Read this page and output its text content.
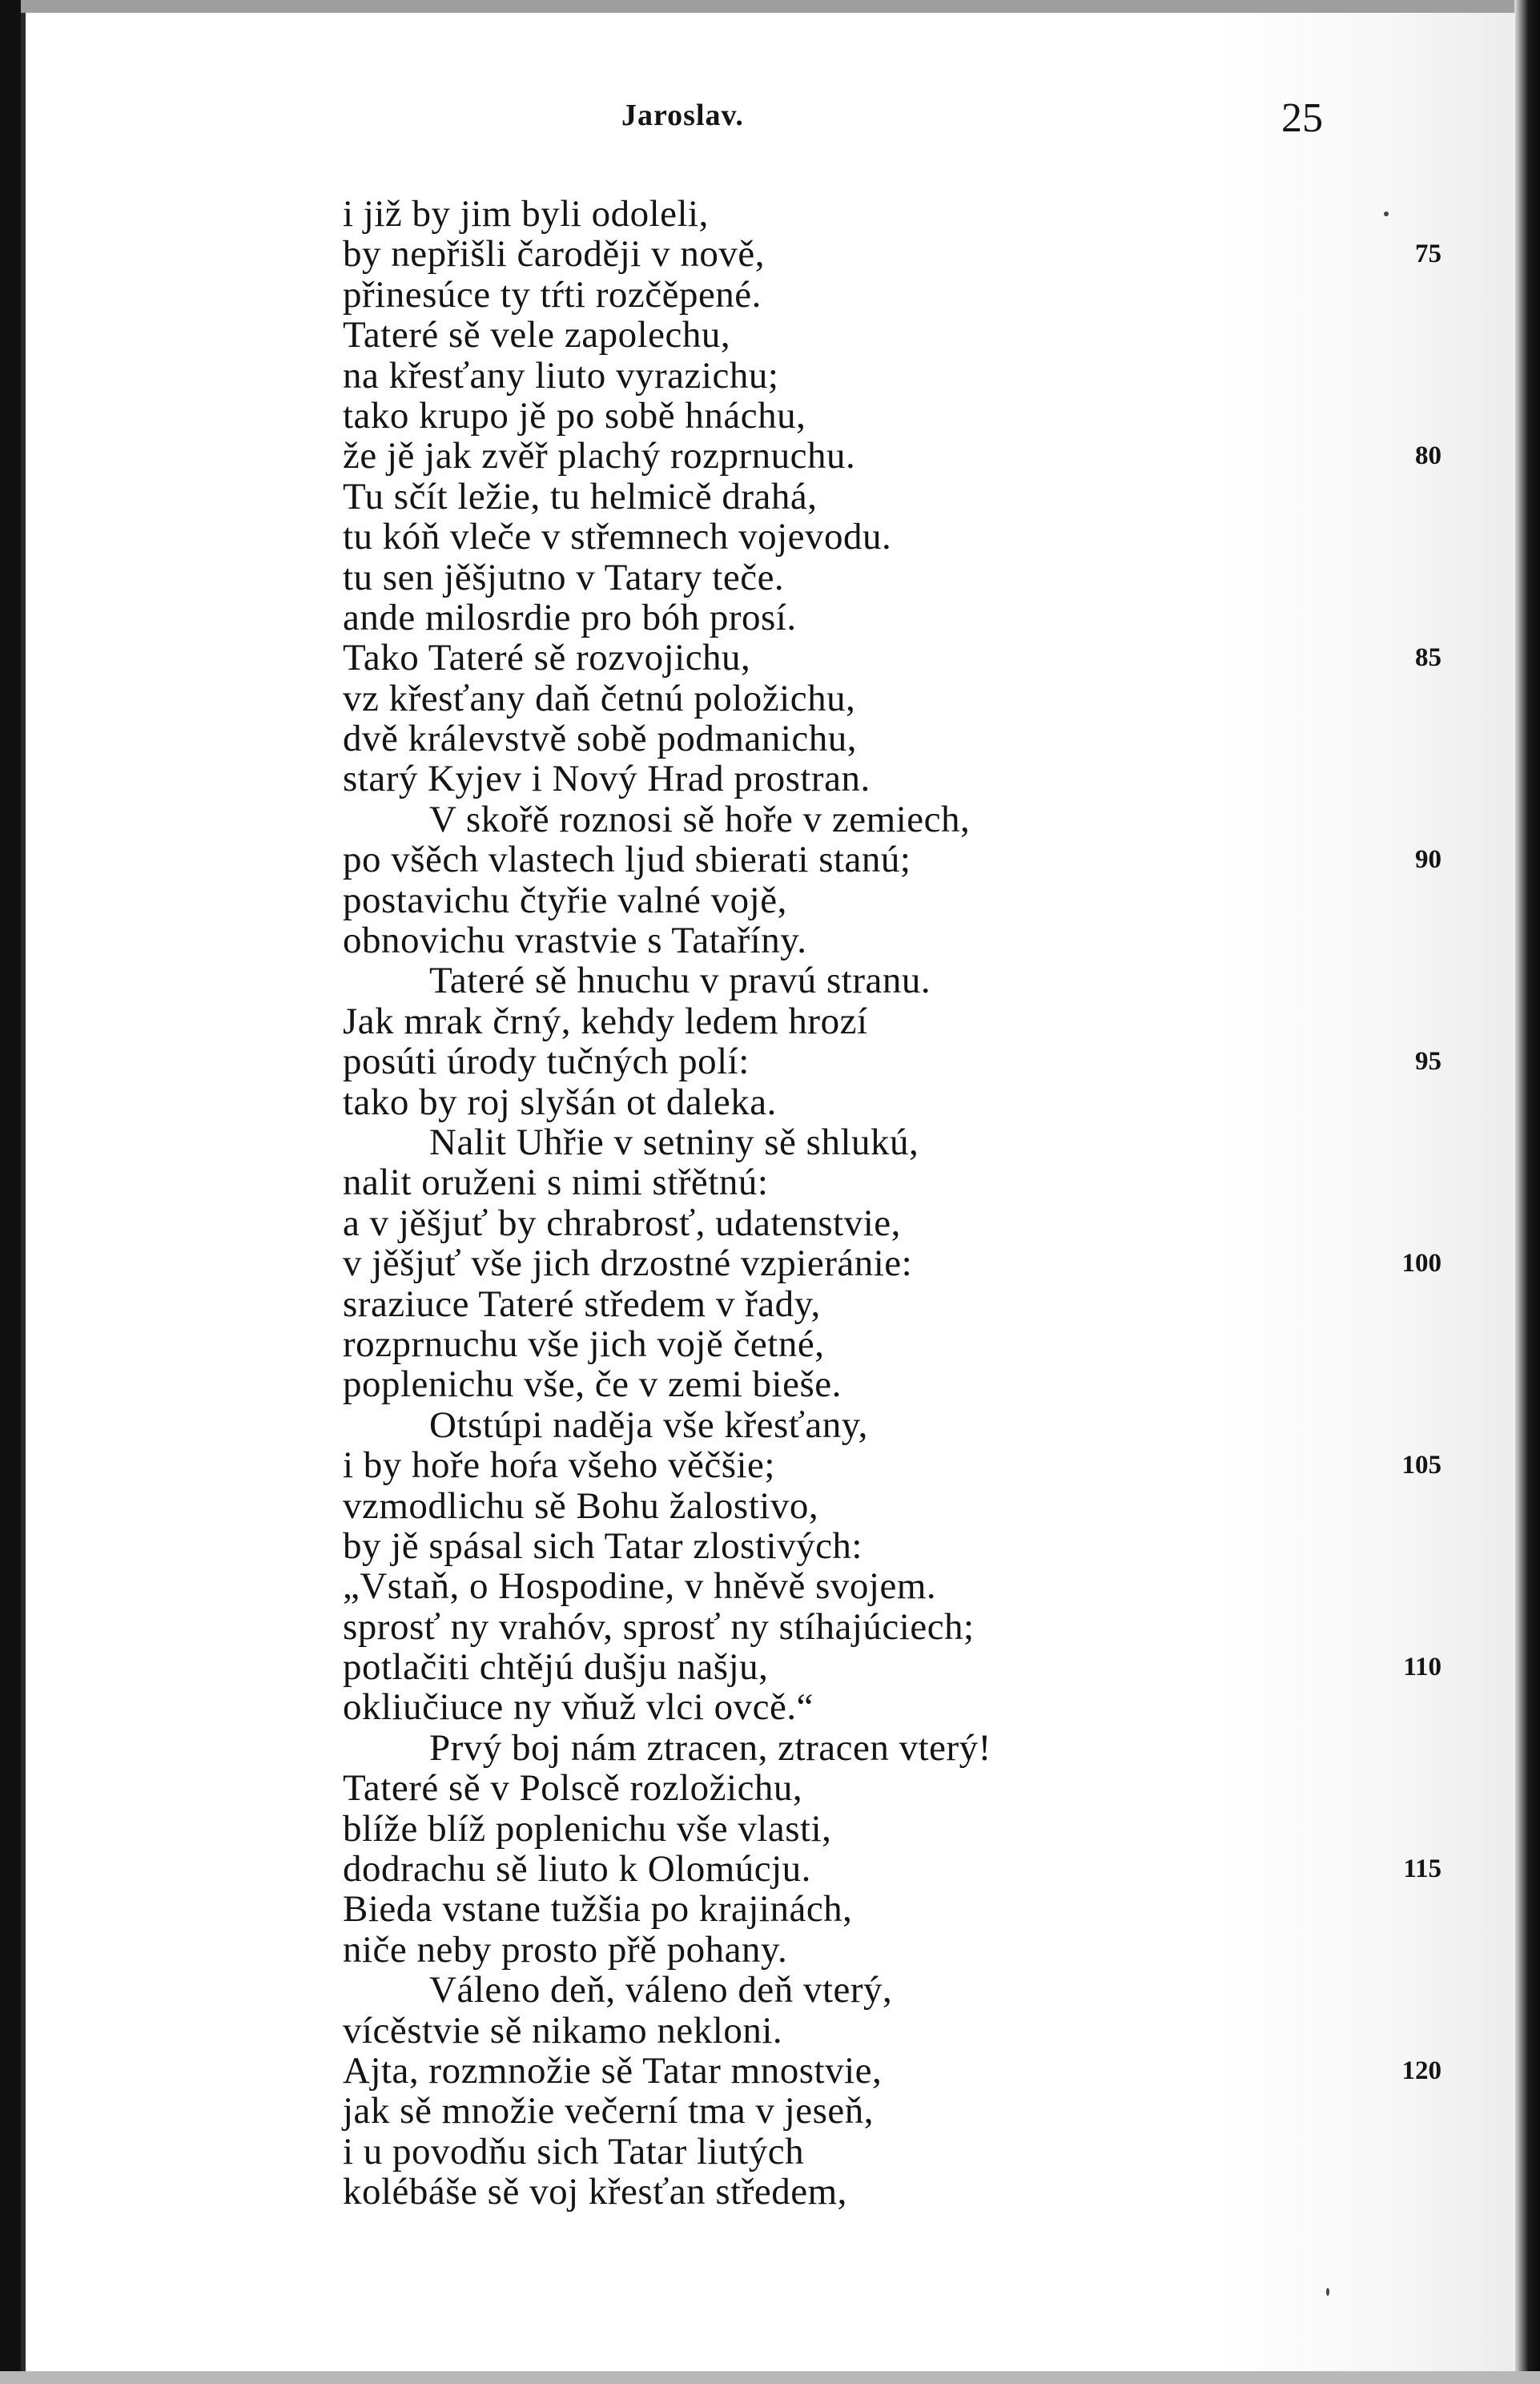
Jaroslav.	25
i již by jim byli odoleli,
by nepřišli čaroději v nově,
přinesúce ty tŕti rozčěpené.
Tateré sě vele zapolechu,
na křesťany liuto vyrazichu;
tako krupo jě po sobě hnáchu,
že jě jak zvěř plachý rozprnuchu.
Tu sčít ležie, tu helmicě drahá,
tu kóň vleče v střemnech vojevodu.
tu sen jěšjutno v Tatary teče.
ande milosrdie pro bóh prosí.
Tako Tateré sě rozvojichu,
vz křesťany daň četnú položichu,
dvě králevstvě sobě podmanichu,
starý Kyjev i Nový Hrad prostran.
V skořě roznosi sě hoře v zemiech,
po všěch vlastech ljud sbierati stanú;
postavichu čtyřie valné vojě,
obnovichu vrastvie s Tataříny.
Tateré sě hnuchu v pravú stranu.
Jak mrak črný, kehdy ledem hrozí
posúti úrody tučných polí:
tako by roj slyšán ot daleka.
Nalit Uhřie v setniny sě shlukú,
nalit oruženi s nimi střětnú:
a v jěšjuť by chrabrosť, udatenstvie,
v jěšjuť vše jich drzostné vzpieránie:
sraziuce Tateré středem v řady,
rozprnuchu vše jich vojě četné,
poplenichu vše, če v zemi bieše.
Otstúpi naděja vše křesťany,
i by hoře hoŕa všeho věčšie;
vzmodlichu sě Bohu žalostivo,
by jě spásal sich Tatar zlostivých:
„Vstaň, o Hospodine, v hněvě svojem.
sprosť ny vrahóv, sprosť ny stíhajúciech;
potlačiti chtějú dušju našju,
okliučiuce ny vňuž vlci ovcě.“
Prvý boj nám ztracen, ztracen vterý!
Tateré sě v Polscě rozložichu,
blíže blíž poplenichu vše vlasti,
dodrachu sě liuto k Olomúcju.
Bieda vstane tužšia po krajinách,
niče neby prosto přě pohany.
Váleno deň, váleno deň vterý,
vícěstvie sě nikamo nekloni.
Ajta, rozmnožie sě Tatar mnostvie,
jak sě množie večerní tma v jeseň,
i u povodňu sich Tatar liutých
kolébáše sě voj křesťan středem,
75
80
85
90
95
100
105
110
115
120
